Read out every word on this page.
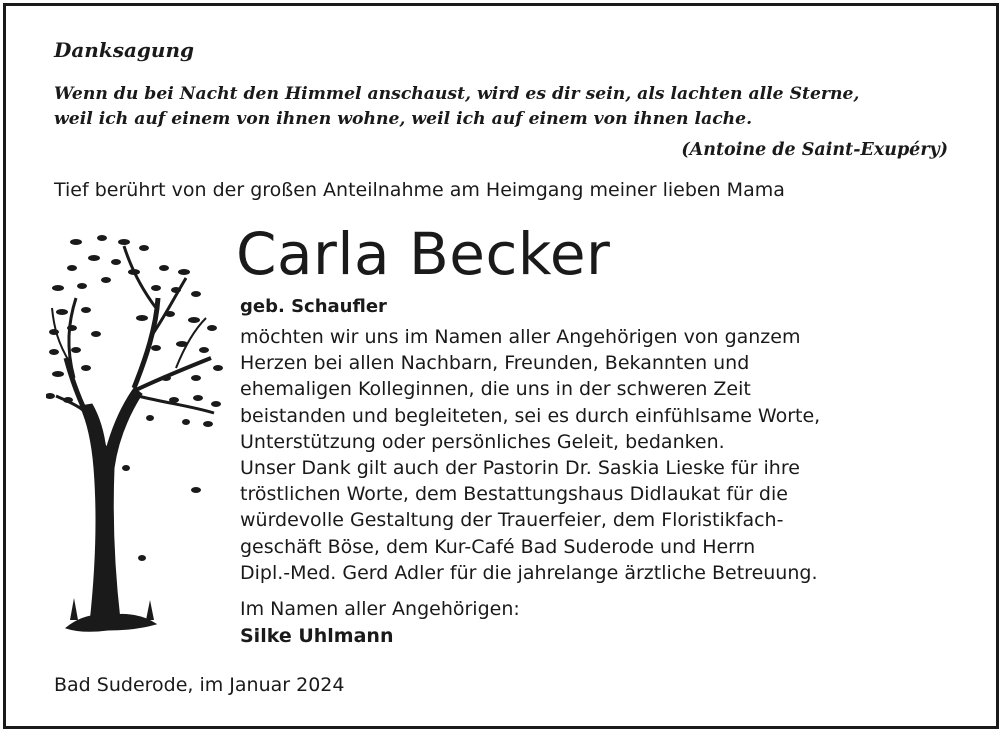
Danksagung
Wenn du bei Nacht den Himmel anschaust, wird es dir sein, als lachten alle Sterne,
weil ich auf einem von ihnen wohne, weil ich auf einem von ihnen lache.
(Antoine de Saint-Exupéry)
Tief berührt von der großen Anteilnahme am Heimgang meiner lieben Mama
Carla Becker
geb. Schaufler
möchten wir uns im Namen aller Angehörigen von ganzem
Herzen bei allen Nachbarn, Freunden, Bekannten und
ehemaligen Kolleginnen, die uns in der schweren Zeit
beistanden und begleiteten, sei es durch einfühlsame Worte,
Unterstützung oder persönliches Geleit, bedanken.
Unser Dank gilt auch der Pastorin Dr. Saskia Lieske für ihre
tröstlichen Worte, dem Bestattungshaus Didlaukat für die
würdevolle Gestaltung der Trauerfeier, dem Floristikfach-
geschäft Böse, dem Kur-Café Bad Suderode und Herrn
Dipl.-Med. Gerd Adler für die jahrelange ärztliche Betreuung.
Im Namen aller Angehörigen:
Silke Uhlmann
Bad Suderode, im Januar 2024
